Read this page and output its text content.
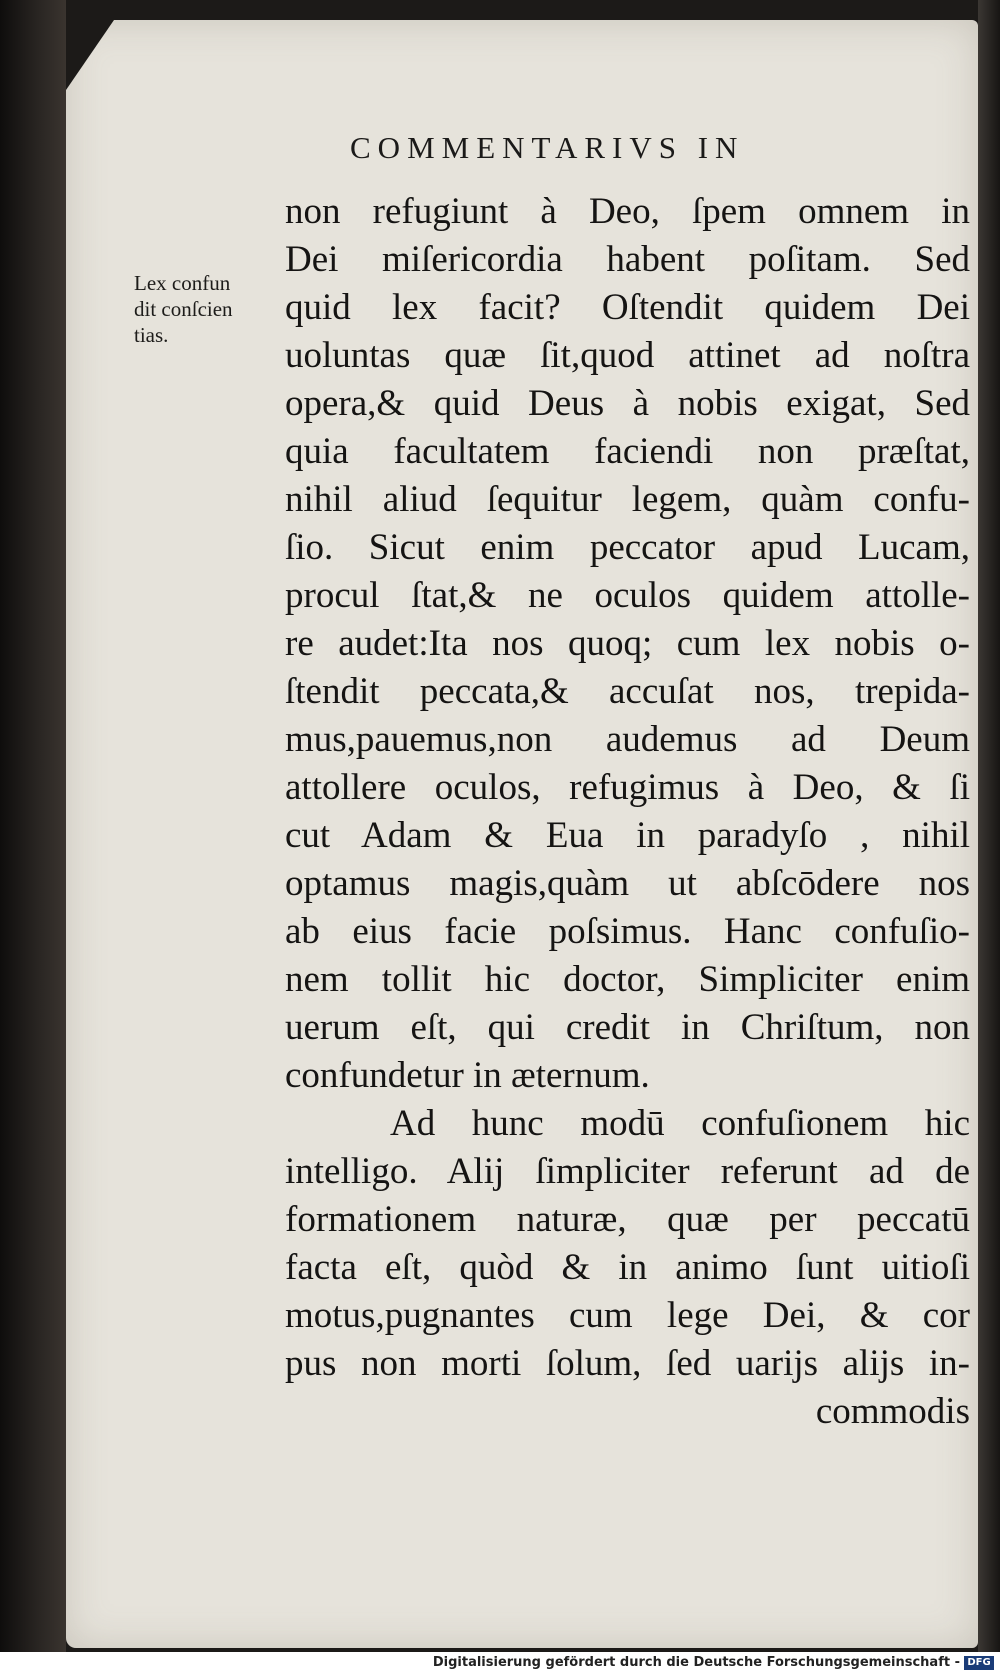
COMMENTARIVS IN
Lex confun
dit conſcien
tias.
non refugiunt à Deo, ſpem omnem in
Dei miſericordia habent poſitam. Sed
quid lex facit? Oſtendit quidem Dei
uoluntas quæ ſit,quod attinet ad noſtra
opera,& quid Deus à nobis exigat, Sed
quia facultatem faciendi non præſtat,
nihil aliud ſequitur legem, quàm confu-
ſio. Sicut enim peccator apud Lucam,
procul ſtat,& ne oculos quidem attolle-
re audet:Ita nos quoq; cum lex nobis o-
ſtendit peccata,& accuſat nos, trepida-
mus,pauemus,non audemus ad Deum
attollere oculos, refugimus à Deo, & ſi
cut Adam & Eua in paradyſo , nihil
optamus magis,quàm ut abſcōdere nos
ab eius facie poſsimus. Hanc confuſio-
nem tollit hic doctor, Simpliciter enim
uerum eſt, qui credit in Chriſtum, non
confundetur in æternum.
Ad hunc modū confuſionem hic
intelligo. Alij ſimpliciter referunt ad de
formationem naturæ, quæ per peccatū
facta eſt, quòd & in animo ſunt uitioſi
motus,pugnantes cum lege Dei, & cor
pus non morti ſolum, ſed uarijs alijs in-
commodis
Digitalisierung gefördert durch die Deutsche Forschungsgemeinschaft - DFG
